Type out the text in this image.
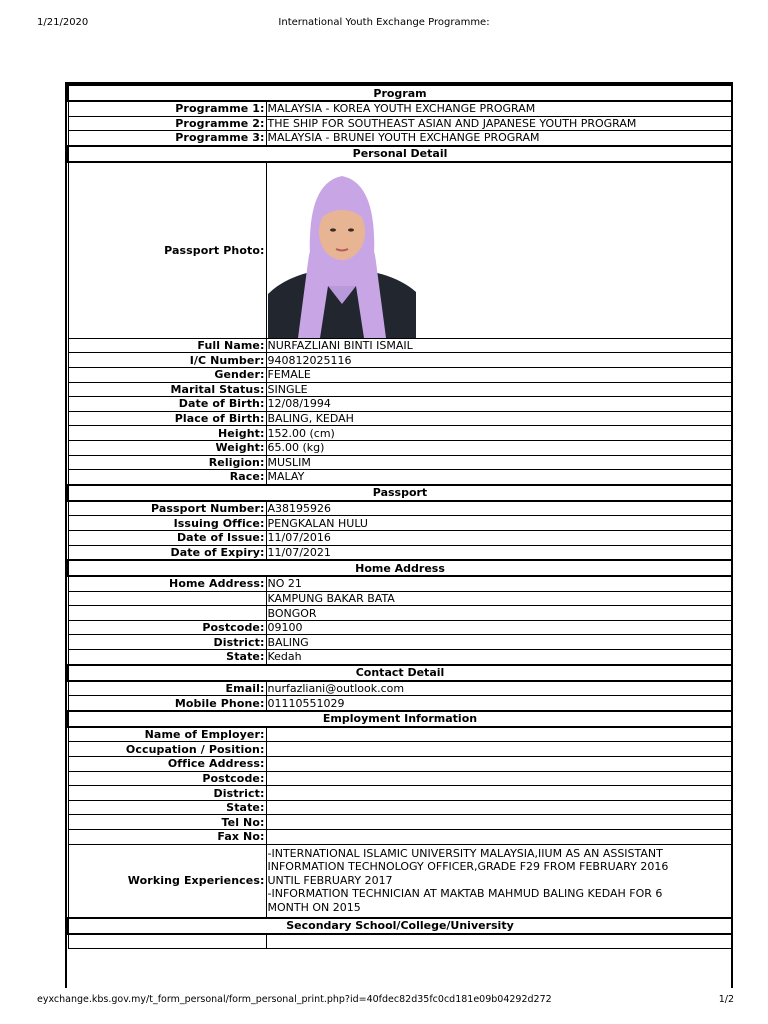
1/21/2020	International Youth Exchange Programme:
Program	
Programme 1:	MALAYSIA - KOREA YOUTH EXCHANGE PROGRAM
Programme 2:	THE SHIP FOR SOUTHEAST ASIAN AND JAPANESE YOUTH PROGRAM
Programme 3:	MALAYSIA - BRUNEI YOUTH EXCHANGE PROGRAM
Personal Detail	
Passport Photo:	

Full Name:	NURFAZLIANI BINTI ISMAIL
I/C Number:	940812025116
Gender:	FEMALE
Marital Status:	SINGLE
Date of Birth:	12/08/1994
Place of Birth:	BALING, KEDAH
Height:	152.00 (cm)
Weight:	65.00 (kg)
Religion:	MUSLIM
Race:	MALAY
Passport	
Passport Number:	A38195926
Issuing Office:	PENGKALAN HULU
Date of Issue:	11/07/2016
Date of Expiry:	11/07/2021
Home Address	
Home Address:	NO 21
	KAMPUNG BAKAR BATA
	BONGOR
Postcode:	09100
District:	BALING
State:	Kedah
Contact Detail	
Email:	nurfazliani@outlook.com
Mobile Phone:	01110551029
Employment Information	
Name of Employer:	
Occupation / Position:	
Office Address:	
Postcode:	
District:	
State:	
Tel No:	
Fax No:	
Working Experiences:	-INTERNATIONAL ISLAMIC UNIVERSITY MALAYSIA,IIUM AS AN ASSISTANT
INFORMATION TECHNOLOGY OFFICER,GRADE F29 FROM FEBRUARY 2016
UNTIL FEBRUARY 2017
-INFORMATION TECHNICIAN AT MAKTAB MAHMUD BALING KEDAH FOR 6
MONTH ON 2015

Secondary School/College/University	

eyxchange.kbs.gov.my/t_form_personal/form_personal_print.php?id=40fdec82d35fc0cd181e09b04292d272	1/2
